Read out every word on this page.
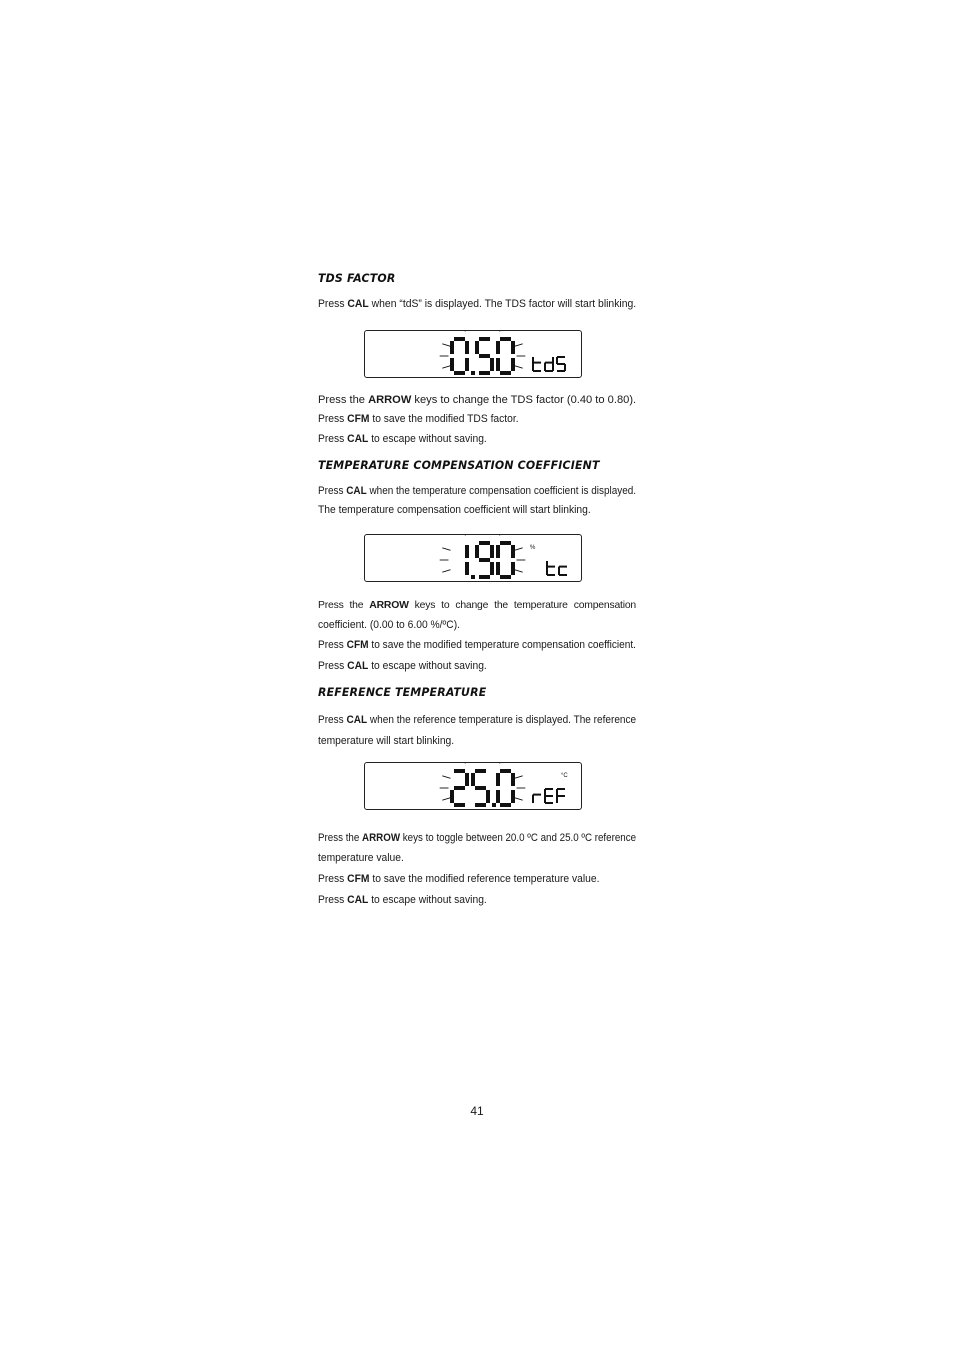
TDS FACTOR
Press CAL when “tdS” is displayed. The TDS factor will start blinking.
Press the ARROW keys to change the TDS factor (0.40 to 0.80).
Press CFM to save the modified TDS factor.
Press CAL to escape without saving.
TEMPERATURE COMPENSATION COEFFICIENT
Press CAL when the temperature compensation coefficient is displayed.
The temperature compensation coefficient will start blinking.
%
Press the ARROW keys to change the temperature compensation
coefficient. (0.00 to 6.00 %/ºC).
Press CFM to save the modified temperature compensation coefficient.
Press CAL to escape without saving.
REFERENCE TEMPERATURE
Press CAL when the reference temperature is displayed. The reference
temperature will start blinking.
°C
Press the ARROW keys to toggle between 20.0 ºC and 25.0 ºC reference
temperature value.
Press CFM to save the modified reference temperature value.
Press CAL to escape without saving.
41
